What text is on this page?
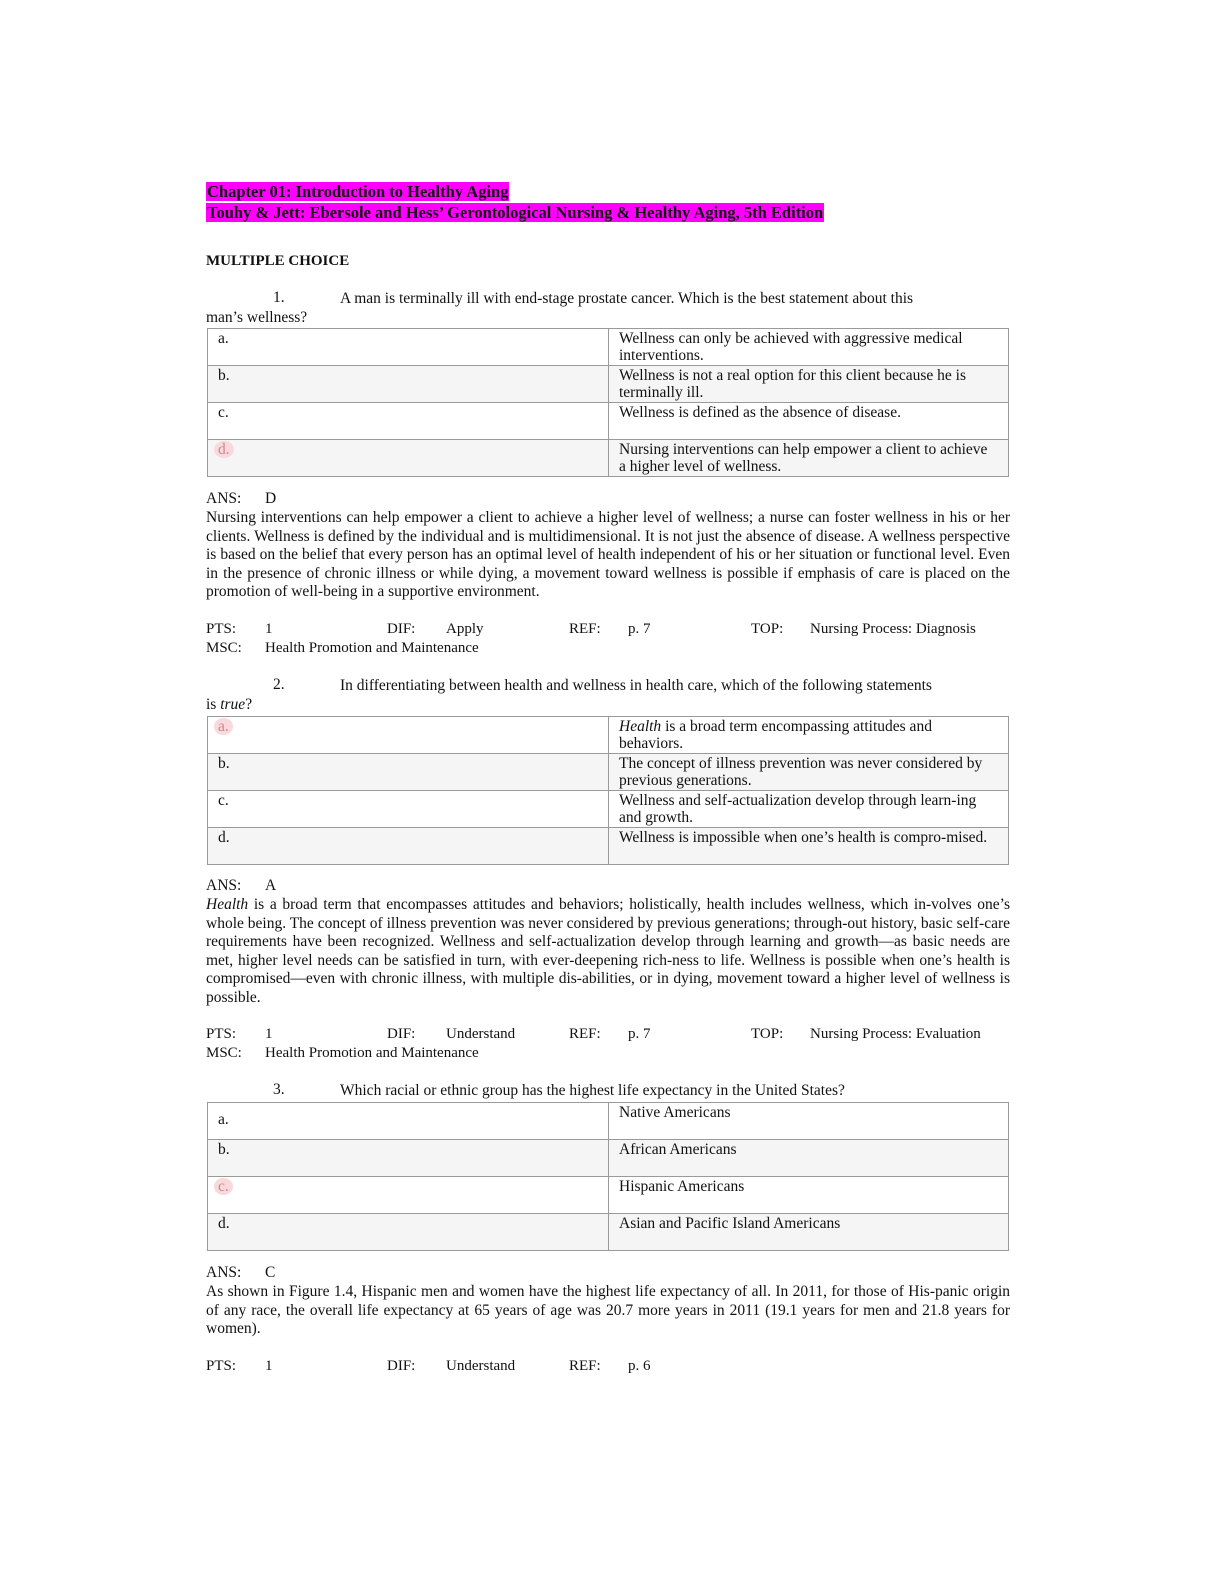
Chapter 01: Introduction to Healthy Aging
Touhy & Jett: Ebersole and Hess’ Gerontological Nursing & Healthy Aging, 5th Edition
MULTIPLE CHOICE
1.	A man is terminally ill with end-stage prostate cancer. Which is the best statement about this
man’s wellness?
a.	Wellness can only be achieved with aggressive medical interventions.
b.	Wellness is not a real option for this client because he is terminally ill.
c.	Wellness is defined as the absence of disease.
d.	Nursing interventions can help empower a client to achieve a higher level of wellness.
ANS: D
Nursing interventions can help empower a client to achieve a higher level of wellness; a nurse can foster wellness in his or her clients. Wellness is defined by the individual and is multidimensional. It is not just the absence of disease. A wellness perspective is based on the belief that every person has an optimal level of health independent of his or her situation or functional level. Even in the presence of chronic illness or while dying, a movement toward wellness is possible if emphasis of care is placed on the promotion of well-being in a supportive environment.
PTS: 1	DIF: Apply	REF: p. 7	TOP: Nursing Process: Diagnosis
MSC: Health Promotion and Maintenance
2.	In differentiating between health and wellness in health care, which of the following statements
is true?
a.	Health is a broad term encompassing attitudes and behaviors.
b.	The concept of illness prevention was never considered by previous generations.
c.	Wellness and self-actualization develop through learn-ing and growth.
d.	Wellness is impossible when one’s health is compro-mised.
ANS: A
Health is a broad term that encompasses attitudes and behaviors; holistically, health includes wellness, which in-volves one’s whole being. The concept of illness prevention was never considered by previous generations; through-out history, basic self-care requirements have been recognized. Wellness and self-actualization develop through learning and growth—as basic needs are met, higher level needs can be satisfied in turn, with ever-deepening rich-ness to life. Wellness is possible when one’s health is compromised—even with chronic illness, with multiple dis-abilities, or in dying, movement toward a higher level of wellness is possible.
PTS: 1	DIF: Understand	REF: p. 7	TOP: Nursing Process: Evaluation
MSC: Health Promotion and Maintenance
3.	Which racial or ethnic group has the highest life expectancy in the United States?
a.	Native Americans
b.	African Americans
c.	Hispanic Americans
d.	Asian and Pacific Island Americans
ANS: C
As shown in Figure 1.4, Hispanic men and women have the highest life expectancy of all. In 2011, for those of His-panic origin of any race, the overall life expectancy at 65 years of age was 20.7 more years in 2011 (19.1 years for men and 21.8 years for women).
PTS: 1	DIF: Understand	REF: p. 6
